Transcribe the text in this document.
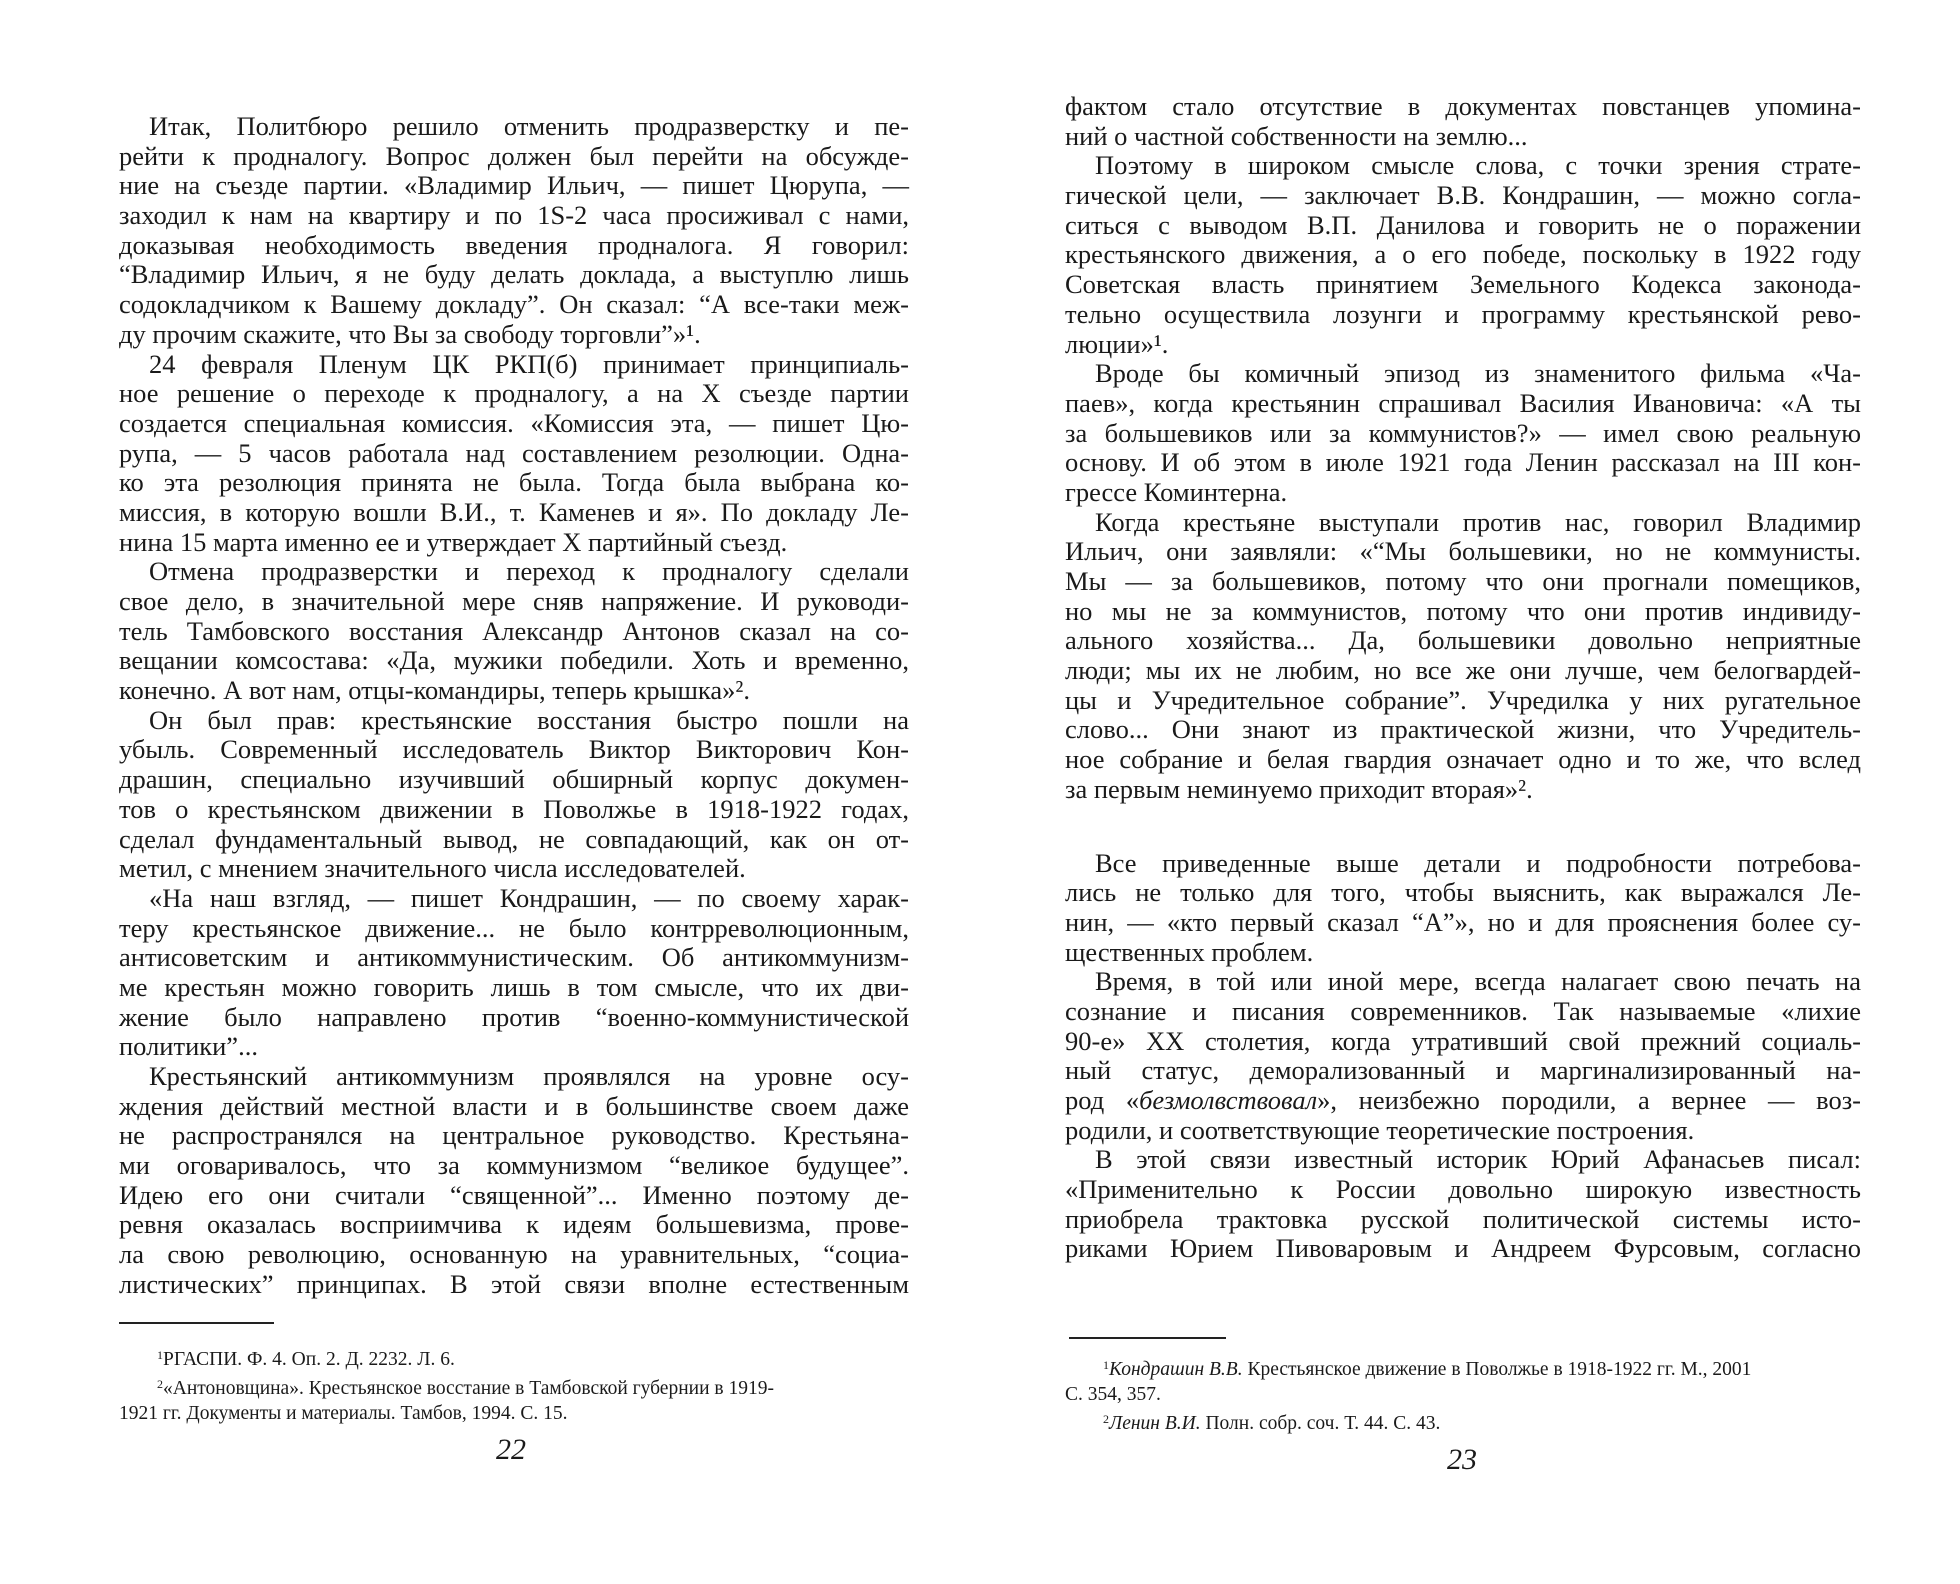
Итак, Политбюро решило отменить продразверстку и пе-
рейти к продналогу. Вопрос должен был перейти на обсужде-
ние на съезде партии. «Владимир Ильич, — пишет Цюрупа, —
заходил к нам на квартиру и по 1S-2 часа просиживал с нами,
доказывая необходимость введения продналога. Я говорил:
“Владимир Ильич, я не буду делать доклада, а выступлю лишь
содокладчиком к Вашему докладу”. Он сказал: “А все-таки меж-
ду прочим скажите, что Вы за свободу торговли”»¹.
24 февраля Пленум ЦК РКП(б) принимает принципиаль-
ное решение о переходе к продналогу, а на X съезде партии
создается специальная комиссия. «Комиссия эта, — пишет Цю-
рупа, — 5 часов работала над составлением резолюции. Одна-
ко эта резолюция принята не была. Тогда была выбрана ко-
миссия, в которую вошли В.И., т. Каменев и я». По докладу Ле-
нина 15 марта именно ее и утверждает X партийный съезд.
Отмена продразверстки и переход к продналогу сделали
свое дело, в значительной мере сняв напряжение. И руководи-
тель Тамбовского восстания Александр Антонов сказал на со-
вещании комсостава: «Да, мужики победили. Хоть и временно,
конечно. А вот нам, отцы-командиры, теперь крышка»².
Он был прав: крестьянские восстания быстро пошли на
убыль. Современный исследователь Виктор Викторович Кон-
драшин, специально изучивший обширный корпус докумен-
тов о крестьянском движении в Поволжье в 1918-1922 годах,
сделал фундаментальный вывод, не совпадающий, как он от-
метил, с мнением значительного числа исследователей.
«На наш взгляд, — пишет Кондрашин, — по своему харак-
теру крестьянское движение... не было контрреволюционным,
антисоветским и антикоммунистическим. Об антикоммунизм-
ме крестьян можно говорить лишь в том смысле, что их дви-
жение было направлено против “военно-коммунистической
политики”...
Крестьянский антикоммунизм проявлялся на уровне осу-
ждения действий местной власти и в большинстве своем даже
не распространялся на центральное руководство. Крестьяна-
ми оговаривалось, что за коммунизмом “великое будущее”.
Идею его они считали “священной”... Именно поэтому де-
ревня оказалась восприимчива к идеям большевизма, прове-
ла свою революцию, основанную на уравнительных, “социа-
листических” принципах. В этой связи вполне естественным
$^1$РГАСПИ. Ф. 4. Оп. 2. Д. 2232. Л. 6.
$^2$«Антоновщина». Крестьянское восстание в Тамбовской губернии в 1919-
1921 гг. Документы и материалы. Тамбов, 1994. С. 15.
22
фактом стало отсутствие в документах повстанцев упомина-
ний о частной собственности на землю...
Поэтому в широком смысле слова, с точки зрения страте-
гической цели, — заключает В.В. Кондрашин, — можно согла-
ситься с выводом В.П. Данилова и говорить не о поражении
крестьянского движения, а о его победе, поскольку в 1922 году
Советская власть принятием Земельного Кодекса законода-
тельно осуществила лозунги и программу крестьянской рево-
люции»¹.
Вроде бы комичный эпизод из знаменитого фильма «Ча-
паев», когда крестьянин спрашивал Василия Ивановича: «А ты
за большевиков или за коммунистов?» — имел свою реальную
основу. И об этом в июле 1921 года Ленин рассказал на III кон-
грессе Коминтерна.
Когда крестьяне выступали против нас, говорил Владимир
Ильич, они заявляли: «“Мы большевики, но не коммунисты.
Мы — за большевиков, потому что они прогнали помещиков,
но мы не за коммунистов, потому что они против индивиду-
ального хозяйства... Да, большевики довольно неприятные
люди; мы их не любим, но все же они лучше, чем белогвардей-
цы и Учредительное собрание”. Учредилка у них ругательное
слово... Они знают из практической жизни, что Учредитель-
ное собрание и белая гвардия означает одно и то же, что вслед
за первым неминуемо приходит вторая»².
Все приведенные выше детали и подробности потребова-
лись не только для того, чтобы выяснить, как выражался Ле-
нин, — «кто первый сказал “А”», но и для прояснения более су-
щественных проблем.
Время, в той или иной мере, всегда налагает свою печать на
сознание и писания современников. Так называемые «лихие
90-е» XX столетия, когда утративший свой прежний социаль-
ный статус, деморализованный и маргинализированный на-
род «безмолвствовал», неизбежно породили, а вернее — воз-
родили, и соответствующие теоретические построения.
В этой связи известный историк Юрий Афанасьев писал:
«Применительно к России довольно широкую известность
приобрела трактовка русской политической системы исто-
риками Юрием Пивоваровым и Андреем Фурсовым, согласно
$^1$Кондрашин В.В. Крестьянское движение в Поволжье в 1918-1922 гг. М., 2001
С. 354, 357.
$^2$Ленин В.И. Полн. собр. соч. Т. 44. С. 43.
23
